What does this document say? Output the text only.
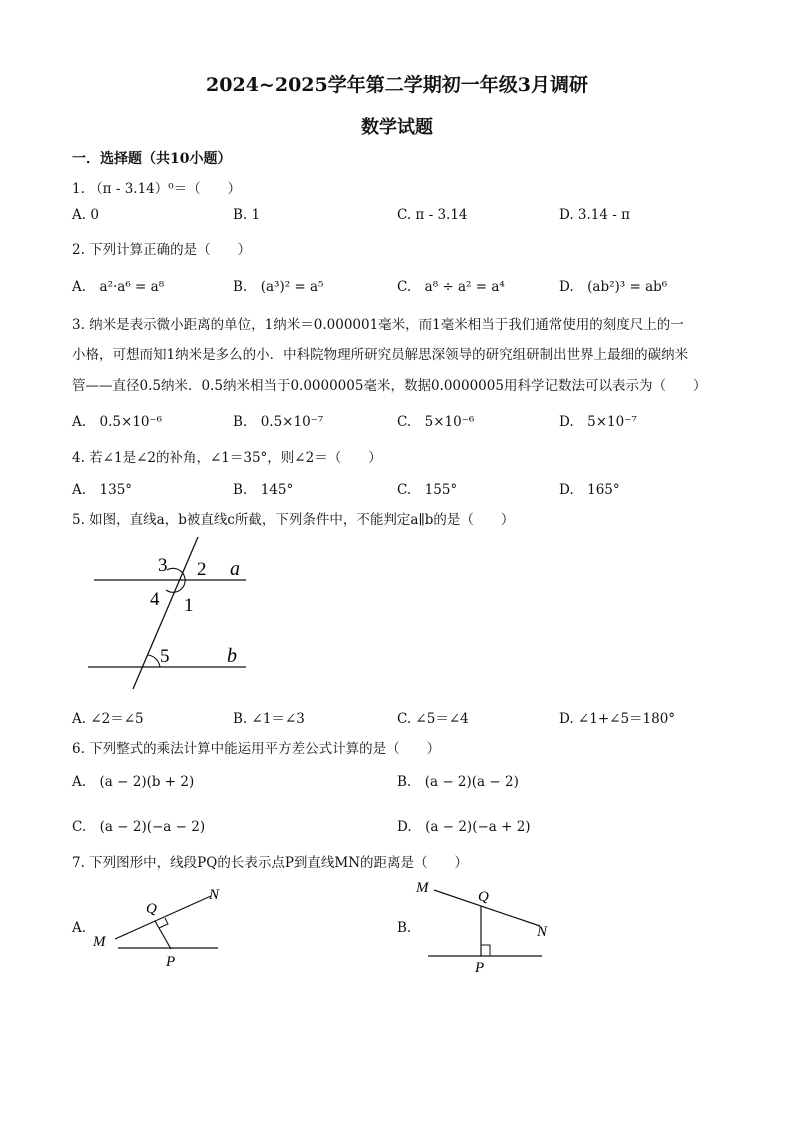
2024~2025学年第二学期初一年级3月调研
数学试题
一．选择题（共10小题）
1. （π - 3.14）⁰＝（　　）
A. 0	B. 1	C. π - 3.14	D. 3.14 - π
2. 下列计算正确的是（　　）
A.　a²·a⁶ = a⁸	B.　(a³)² = a⁵	C.　a⁸ ÷ a² = a⁴	D.　(ab²)³ = ab⁶
3. 纳米是表示微小距离的单位，1纳米＝0.000001毫米，而1毫米相当于我们通常使用的刻度尺上的一
小格，可想而知1纳米是多么的小．中科院物理所研究员解思深领导的研究组研制出世界上最细的碳纳米
管——直径0.5纳米．0.5纳米相当于0.0000005毫米，数据0.0000005用科学记数法可以表示为（　　）
A.　0.5×10⁻⁶	B.　0.5×10⁻⁷	C.　5×10⁻⁶	D.　5×10⁻⁷
4. 若∠1是∠2的补角，∠1＝35°，则∠2＝（　　）
A.　135°	B.　145°	C.　155°	D.　165°
5. 如图，直线a，b被直线c所截，下列条件中，不能判定a∥b的是（　　）
3 2 a
4 1
5	b
A. ∠2＝∠5	B. ∠1＝∠3	C. ∠5＝∠4	D. ∠1+∠5＝180°
6. 下列整式的乘法计算中能运用平方差公式计算的是（　　）
A.　(a − 2)(b + 2)	B.　(a − 2)(a − 2)
C.　(a − 2)(−a − 2)	D.　(a − 2)(−a + 2)
7. 下列图形中，线段PQ的长表示点P到直线MN的距离是（　　）
A.
Q
N
M
P
B.
M
Q
N
P
